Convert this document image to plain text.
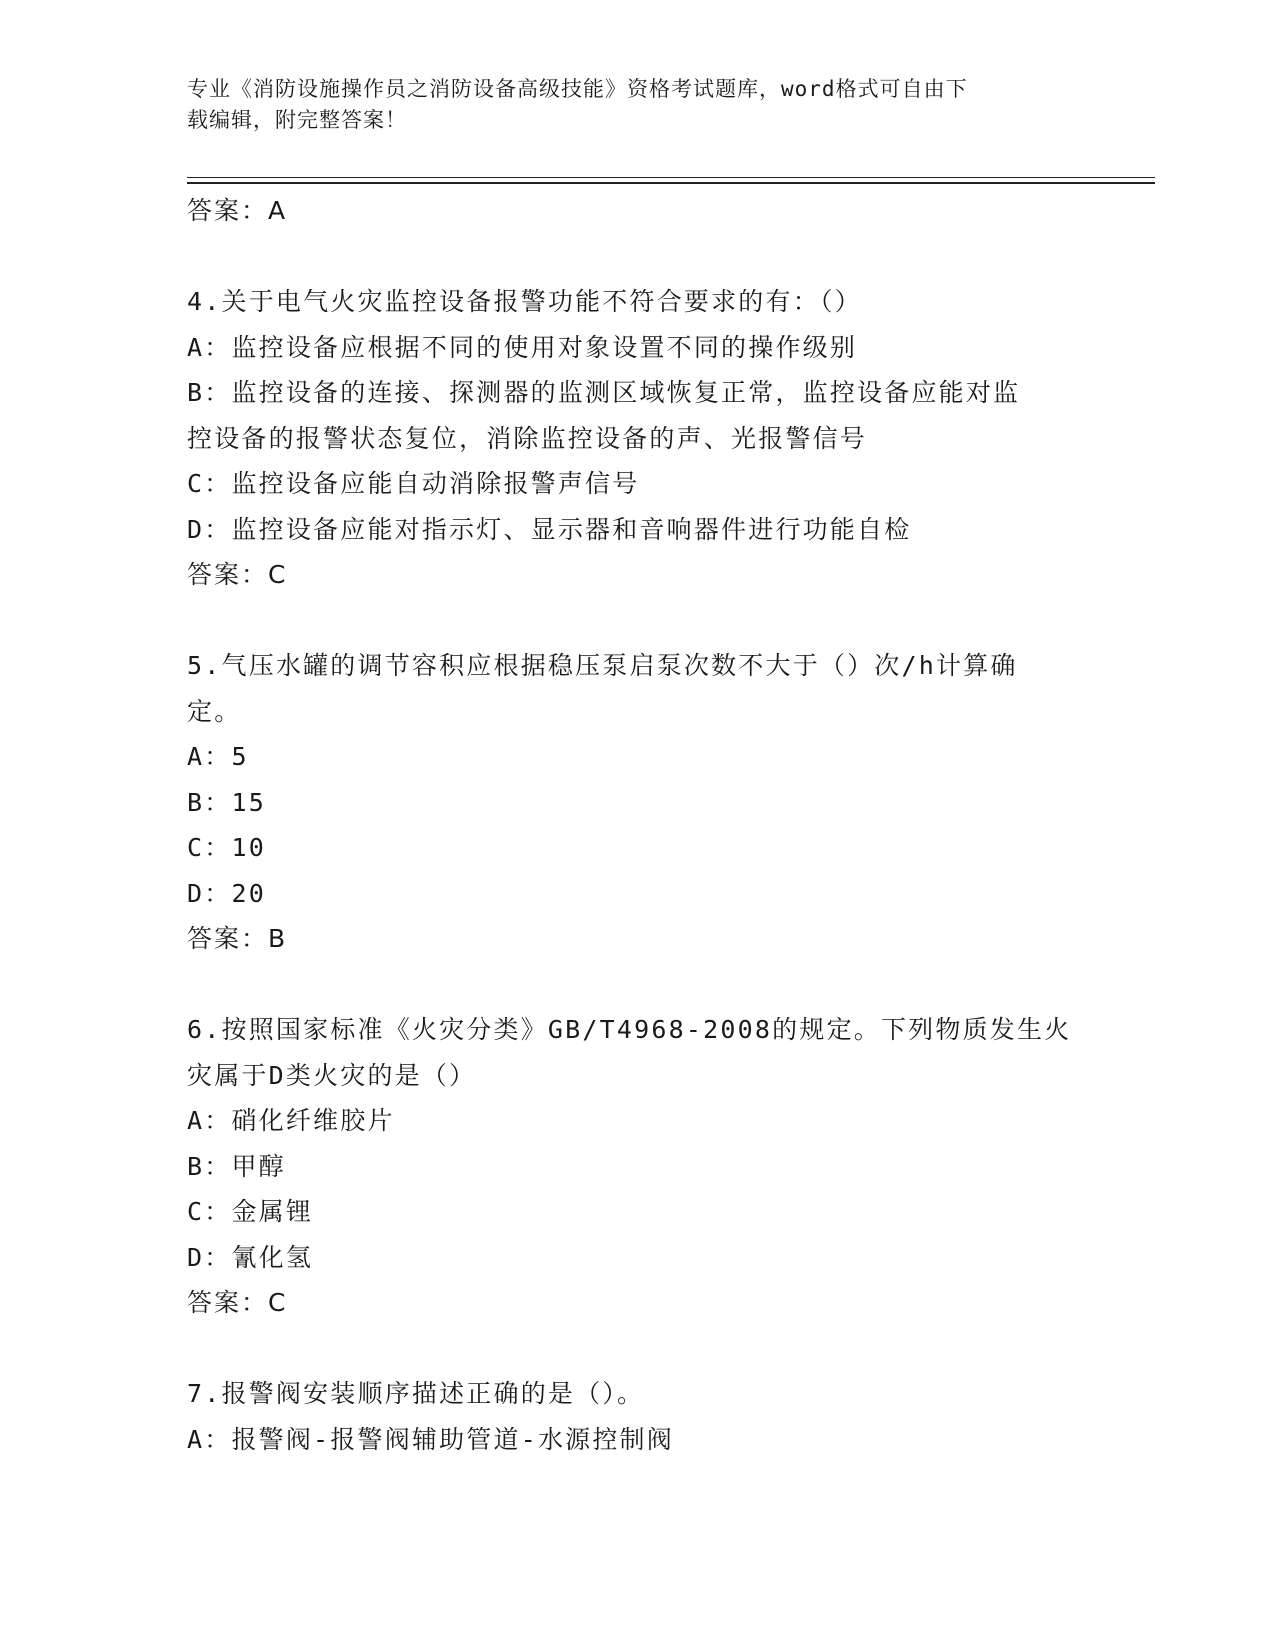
专业《消防设施操作员之消防设备高级技能》资格考试题库，word格式可自由下
载编辑，附完整答案！
答案：A
4.关于电气火灾监控设备报警功能不符合要求的有：（）
A：监控设备应根据不同的使用对象设置不同的操作级别
B：监控设备的连接、探测器的监测区域恢复正常，监控设备应能对监
控设备的报警状态复位，消除监控设备的声、光报警信号
C：监控设备应能自动消除报警声信号
D：监控设备应能对指示灯、显示器和音响器件进行功能自检
答案：C
5.气压水罐的调节容积应根据稳压泵启泵次数不大于（）次/h计算确
定。
A：5
B：15
C：10
D：20
答案：B
6.按照国家标准《火灾分类》GB/T4968-2008的规定。下列物质发生火
灾属于D类火灾的是（）
A：硝化纤维胶片
B：甲醇
C：金属锂
D：氰化氢
答案：C
7.报警阀安装顺序描述正确的是（）。
A：报警阀-报警阀辅助管道-水源控制阀
